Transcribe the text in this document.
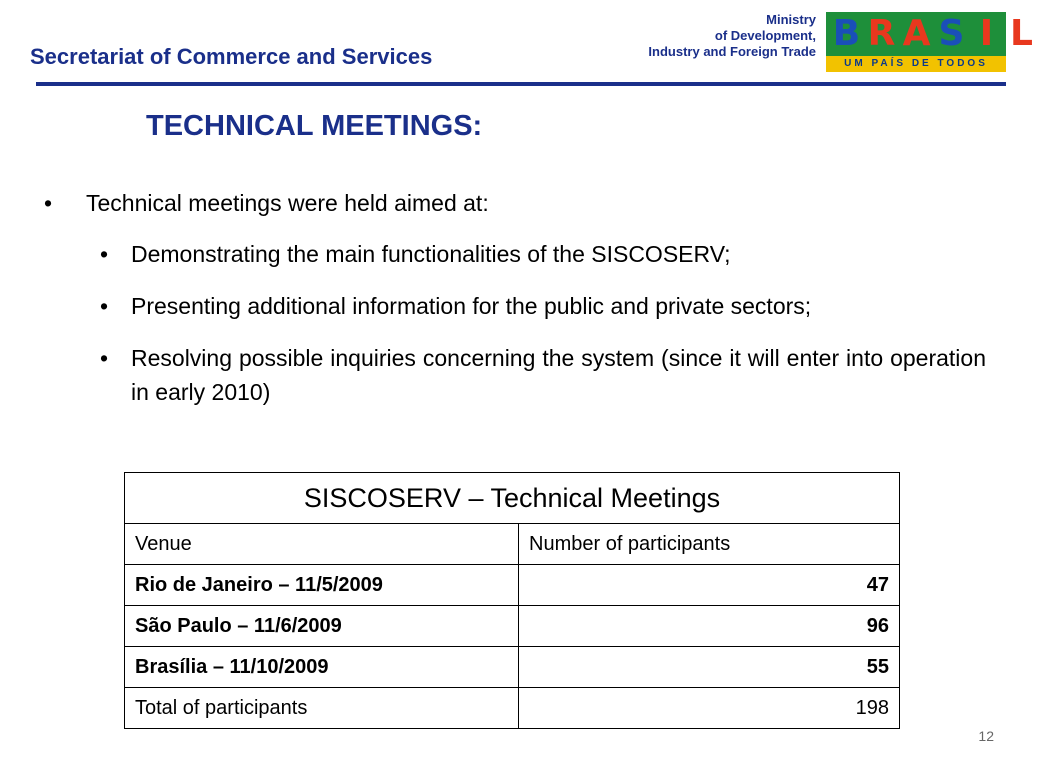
Secretariat of Commerce and Services
Ministry
of Development,
Industry and Foreign Trade B R A S I L
UM PAÍS DE TODOS
TECHNICAL MEETINGS:
• Technical meetings were held aimed at:
• Demonstrating the main functionalities of the SISCOSERV;
• Presenting additional information for the public and private sectors;
• Resolving possible inquiries concerning the system (since it will enter into operation in early 2010)
SISCOSERV – Technical Meetings	
Venue	Number of participants
Rio de Janeiro – 11/5/2009	47
São Paulo – 11/6/2009	96
Brasília – 11/10/2009	55
Total of participants	198
12
